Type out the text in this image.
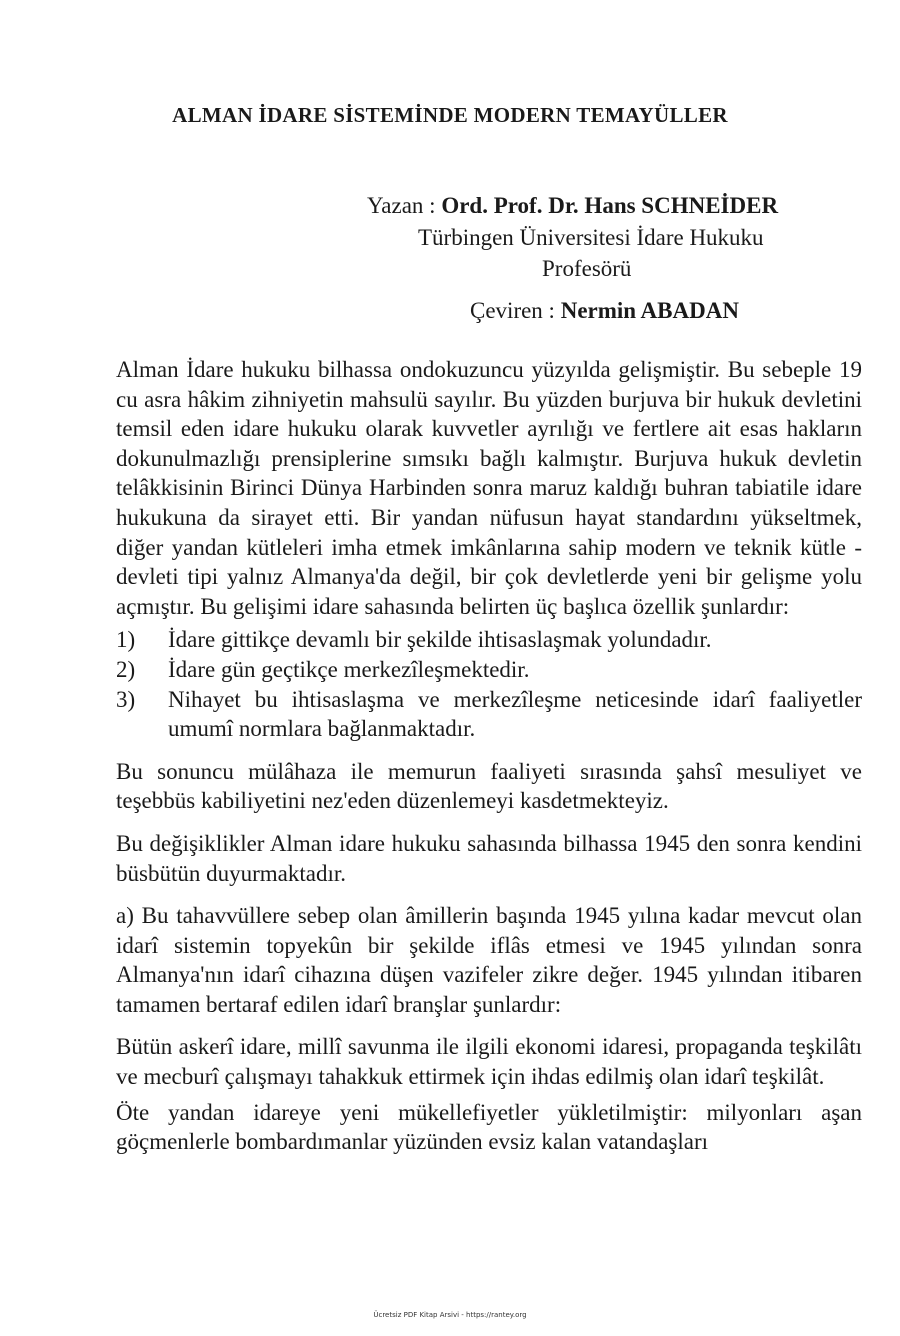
ALMAN İDARE SİSTEMİNDE MODERN TEMAYÜLLER
Yazan : Ord. Prof. Dr. Hans SCHNEİDER
Türbingen Üniversitesi İdare Hukuku
Profesörü
Çeviren : Nermin ABADAN

Alman İdare hukuku bilhassa ondokuzuncu yüzyılda gelişmiştir. Bu sebeple 19 cu asra hâkim zihniyetin mahsulü sayılır. Bu yüzden burjuva bir hukuk devletini temsil eden idare hukuku olarak kuvvetler ayrılığı ve fertlere ait esas hakların dokunulmazlığı prensiplerine sımsıkı bağlı kalmıştır. Burjuva hukuk devletin telâkkisinin Birinci Dünya Harbinden sonra maruz kaldığı buhran tabiatile idare hukukuna da sirayet etti. Bir yandan nüfusun hayat standardını yükseltmek, diğer yandan kütleleri imha etmek imkânlarına sahip modern ve teknik kütle - devleti tipi yalnız Almanya'da değil, bir çok devletlerde yeni bir gelişme yolu açmıştır. Bu gelişimi idare sahasında belirten üç başlıca özellik şunlardır:

1) İdare gittikçe devamlı bir şekilde ihtisaslaşmak yolundadır.
2) İdare gün geçtikçe merkezîleşmektedir.
3) Nihayet bu ihtisaslaşma ve merkezîleşme neticesinde idarî faaliyetler umumî normlara bağlanmaktadır.

Bu sonuncu mülâhaza ile memurun faaliyeti sırasında şahsî mesuliyet ve teşebbüs kabiliyetini nez'eden düzenlemeyi kasdetmekteyiz.

Bu değişiklikler Alman idare hukuku sahasında bilhassa 1945 den sonra kendini büsbütün duyurmaktadır.

a) Bu tahavvüllere sebep olan âmillerin başında 1945 yılına kadar mevcut olan idarî sistemin topyekûn bir şekilde iflâs etmesi ve 1945 yılından sonra Almanya'nın idarî cihazına düşen vazifeler zikre değer. 1945 yılından itibaren tamamen bertaraf edilen idarî branşlar şunlardır:

Bütün askerî idare, millî savunma ile ilgili ekonomi idaresi, propaganda teşkilâtı ve mecburî çalışmayı tahakkuk ettirmek için ihdas edilmiş olan idarî teşkilât.

Öte yandan idareye yeni mükellefiyetler yükletilmiştir: milyonları aşan göçmenlerle bombardımanlar yüzünden evsiz kalan vatandaşları

Ücretsiz PDF Kitap Arsivi - https://rantey.org
